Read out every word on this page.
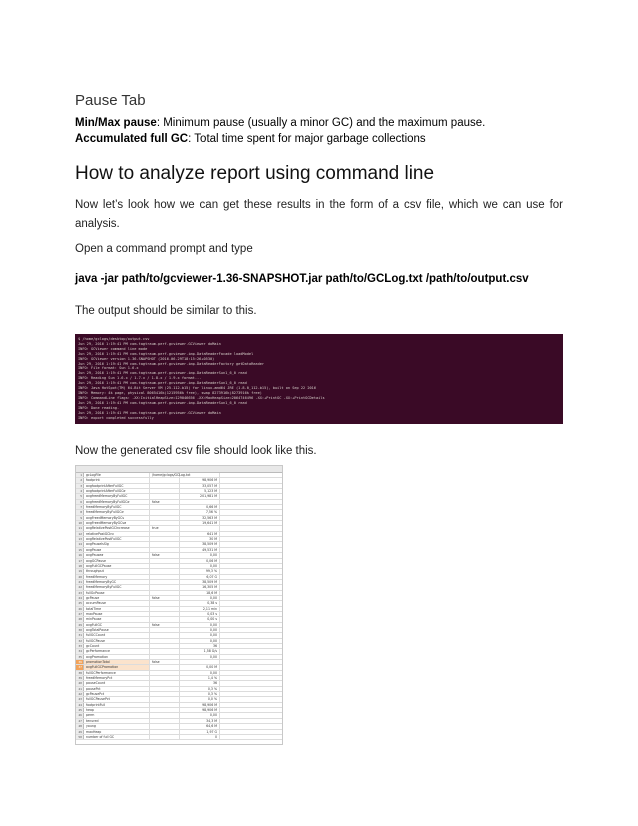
Pause Tab
Min/Max pause: Minimum pause (usually a minor GC) and the maximum pause.
Accumulated full GC: Total time spent for major garbage collections
How to analyze report using command line
Now let’s look how we can get these results in the form of a csv file, which we can use for analysis.
Open a command prompt and type
java -jar path/to/gcviewer-1.36-SNAPSHOT.jar path/to/GCLog.txt /path/to/output.csv
The output should be similar to this.
$ /home/gclogs/desktop/output.csv
Jun 29, 2016 1:19:41 PM com.tagtraum.perf.gcviewer.GCViewer doMain
INFO: GCViewer command line mode
Jun 29, 2016 1:19:41 PM com.tagtraum.perf.gcviewer.imp.DataReaderFacade loadModel
INFO: GCViewer version 1.36-SNAPSHOT (2016-06-29T18:15:26+0530)
Jun 29, 2016 1:19:41 PM com.tagtraum.perf.gcviewer.imp.DataReaderFactory getDataReader
INFO: File format: Sun 1.6.x
Jun 29, 2016 1:19:41 PM com.tagtraum.perf.gcviewer.imp.DataReaderSun1_6_0 read
INFO: Reading Sun 1.6.x / 1.7.x / 1.8.x / 1.9.x format...
Jun 29, 2016 1:19:41 PM com.tagtraum.perf.gcviewer.imp.DataReaderSun1_6_0 read
INFO: Java HotSpot(TM) 64-Bit Server VM (25.112-b15) for linux-amd64 JRE (1.8.0_112-b15), built on Sep 22 2016
INFO: Memory: 4k page, physical 8065416k(1215956k free), swap 8273916k(8273916k free)
INFO: CommandLine flags: -XX:InitialHeapSize=129046656 -XX:MaxHeapSize=2064746496 -XX:+PrintGC -XX:+PrintGCDetails
Jun 29, 2016 1:19:41 PM com.tagtraum.perf.gcviewer.imp.DataReaderSun1_6_0 read
INFO: Done reading.
Jun 29, 2016 1:19:41 PM com.tagtraum.perf.gcviewer.GCViewer doMain
INFO: export completed successfully
Now the generated csv file should look like this.
1	gcLogFile	/home/gclogs/GCLog.txt
2	footprint	98,906 M
3	avgfootprintAfterFullGC	33,057 M
4	avgfootprintAfterFullGCσ	5,123 M
5	avgfreedMemoryByFullGC	201,981 M
6	avgfreedMemoryByFullGCσ	false
7	freedMemoryByFullGC	0,66 M
8	freedMemoryByFullGCσ	7,56 %
9	avgFreedMemoryByGCs	32,563 M
10	avgFreedMemoryByGCsσ	19,641 M
11	avgRelativePostGCIncrease	true
12	relativePostGCInc	641 M
13	avgRelativePostFullGC	30 M
14	avgPauseIsSig	38,509 M
15	avgPause	49,531 M
16	avgPauseσ	false	0,00
17	avgGCPause	0,06 M
18	avgFullGCPause	0,00
19	throughput	99,3 %
20	freedMemory	6,07 G
21	freedMemoryByGC	38,509 M
22	freedMemoryByFullGC	16,305 M
23	fullGcPause	18,6 M
24	gcPause	false	0,00
25	accumPause	0,38 s
26	totalTime	2,11 min
27	maxPause	0,03 s
28	minPause	0,00 s
29	avgFullGC	false	0,00
30	avgTotalPause	0,00
31	fullGCCount	0,00
32	fullGCPause	0,00
33	gcCount	36
34	gcPerformance	1,58 G/s
35	avgPromotion	0,00
36	promotionTotal	false
37	avgFullGCPromotion	0,00 M
38	fullGCPerformance	0,00
39	freedMemoryPct	1,4 %
40	pauseCount	36
41	pausePct	0,3 %
42	gcPausePct	0,3 %
43	fullGCPausePct	0,0 %
44	footprintFull	98,906 M
45	heap	98,906 M
46	perm	0,00
47	tenured	34,3 M
48	young	64,6 M
49	maxHeap	1,97 G
50	number of full GC	0
